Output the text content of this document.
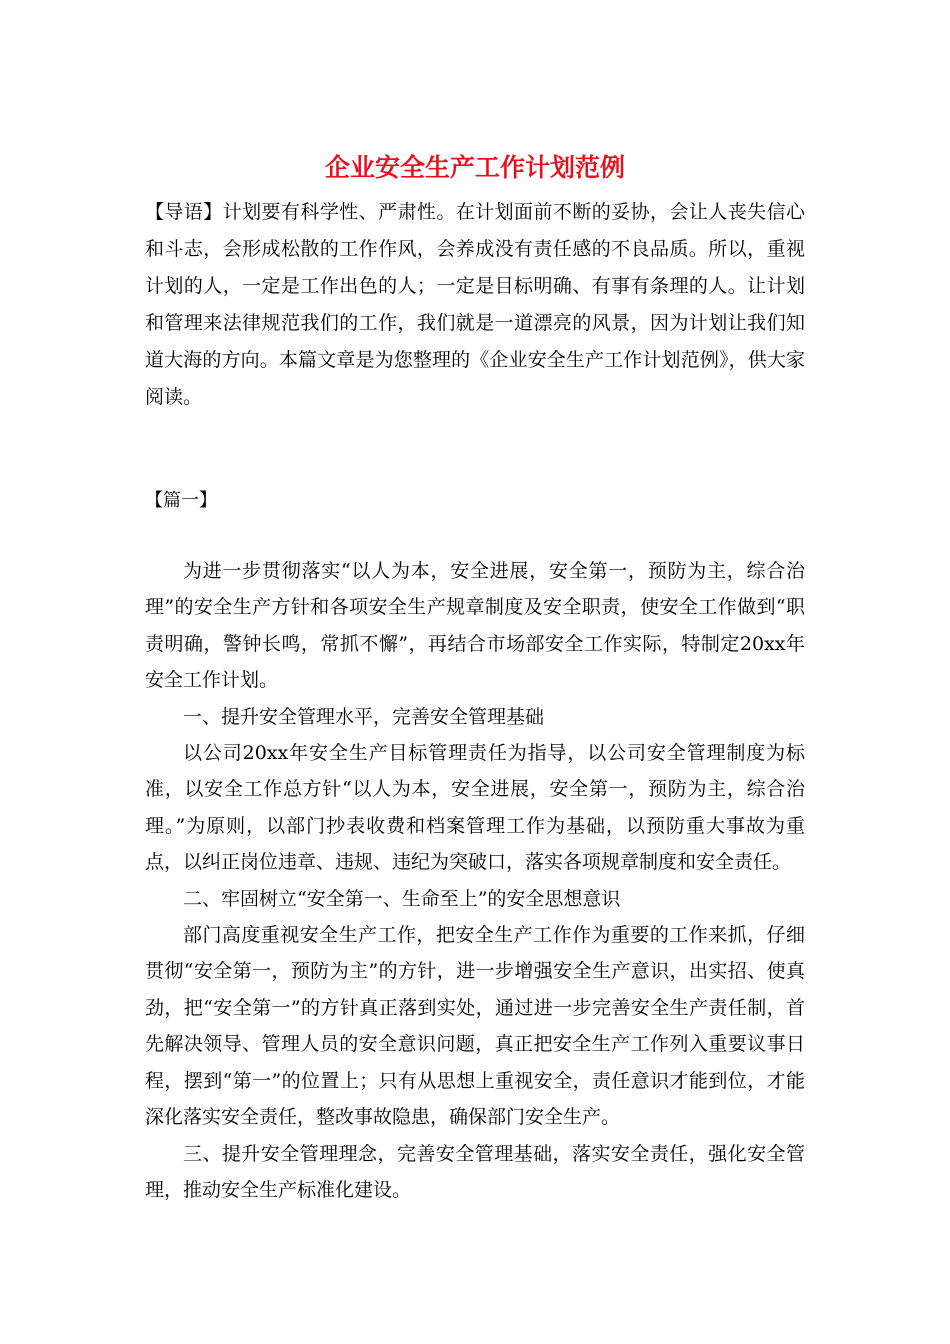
企业安全生产工作计划范例

【导语】计划要有科学性、严肃性。在计划面前不断的妥协，会让人丧失信心和斗志，会形成松散的工作作风，会养成没有责任感的不良品质。所以，重视计划的人，一定是工作出色的人；一定是目标明确、有事有条理的人。让计划和管理来法律规范我们的工作，我们就是一道漂亮的风景，因为计划让我们知道大海的方向。本篇文章是为您整理的《企业安全生产工作计划范例》，供大家阅读。

【篇一】

为进一步贯彻落实“以人为本，安全进展，安全第一，预防为主，综合治理”的安全生产方针和各项安全生产规章制度及安全职责，使安全工作做到“职责明确，警钟长鸣，常抓不懈”，再结合市场部安全工作实际，特制定20xx年安全工作计划。

一、提升安全管理水平，完善安全管理基础

以公司20xx年安全生产目标管理责任为指导，以公司安全管理制度为标准，以安全工作总方针“以人为本，安全进展，安全第一，预防为主，综合治理。”为原则，以部门抄表收费和档案管理工作为基础，以预防重大事故为重点，以纠正岗位违章、违规、违纪为突破口，落实各项规章制度和安全责任。

二、牢固树立“安全第一、生命至上”的安全思想意识

部门高度重视安全生产工作，把安全生产工作作为重要的工作来抓，仔细贯彻“安全第一，预防为主”的方针，进一步增强安全生产意识，出实招、使真劲，把“安全第一”的方针真正落到实处，通过进一步完善安全生产责任制，首先解决领导、管理人员的安全意识问题，真正把安全生产工作列入重要议事日程，摆到“第一”的位置上；只有从思想上重视安全，责任意识才能到位，才能深化落实安全责任，整改事故隐患，确保部门安全生产。

三、提升安全管理理念，完善安全管理基础，落实安全责任，强化安全管理，推动安全生产标准化建设。
